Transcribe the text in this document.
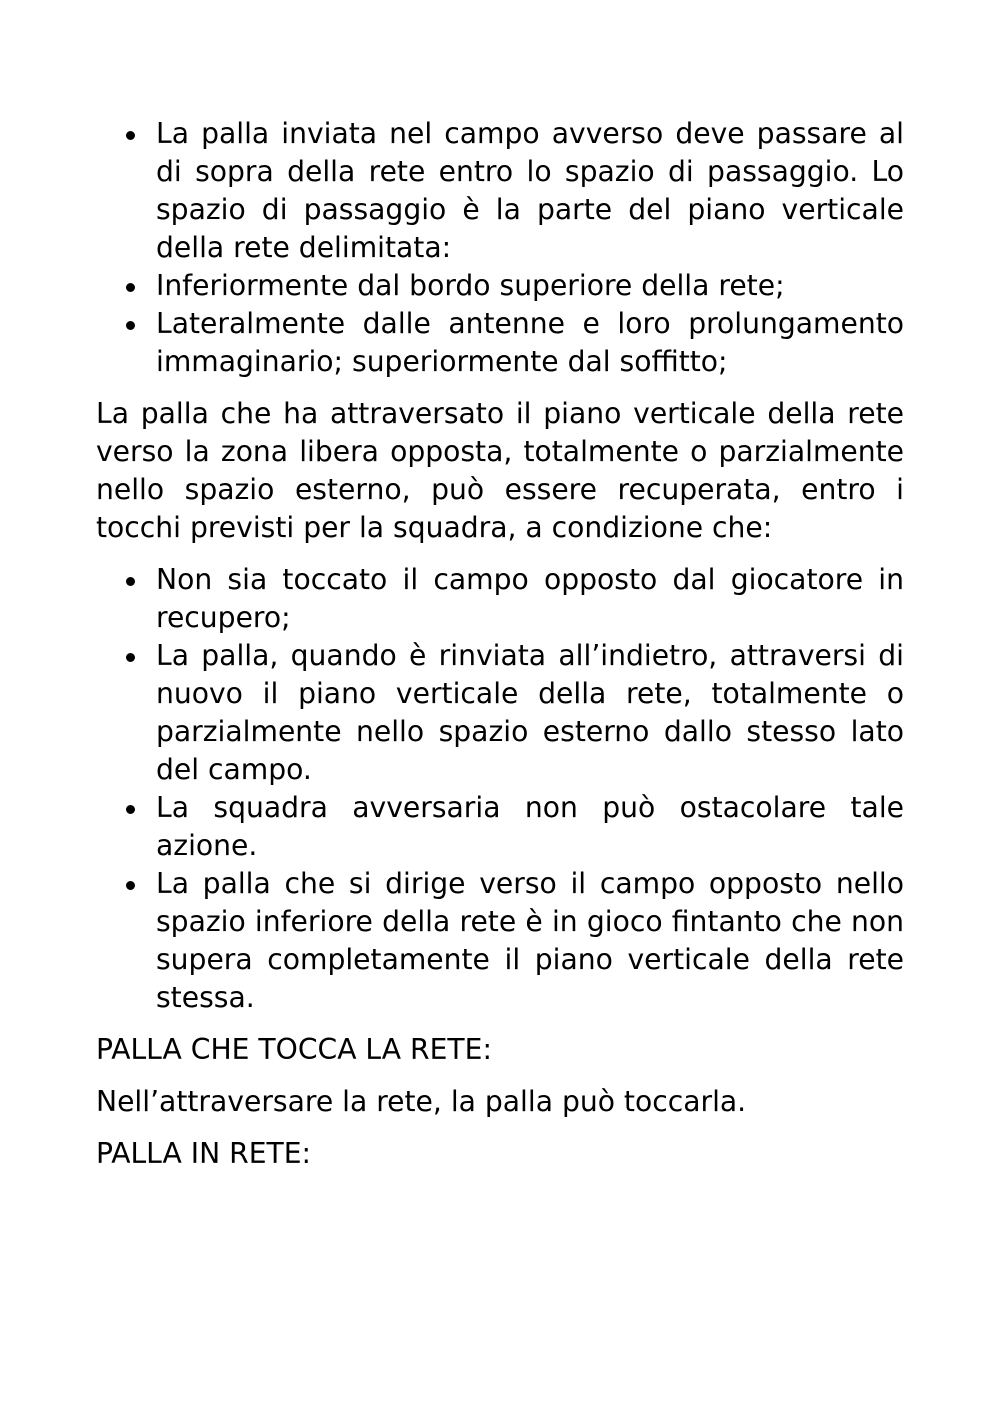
La palla inviata nel campo avverso deve passare al di sopra della rete entro lo spazio di passaggio. Lo spazio di passaggio è la parte del piano verticale della rete delimitata:
Inferiormente dal bordo superiore della rete;
Lateralmente dalle antenne e loro prolungamento immaginario; superiormente dal soffitto;

La palla che ha attraversato il piano verticale della rete verso la zona libera opposta, totalmente o parzialmente nello spazio esterno, può essere recuperata, entro i tocchi previsti per la squadra, a condizione che:

Non sia toccato il campo opposto dal giocatore in recupero;
La palla, quando è rinviata all’indietro, attraversi di nuovo il piano verticale della rete, totalmente o parzialmente nello spazio esterno dallo stesso lato del campo.
La squadra avversaria non può ostacolare tale azione.
La palla che si dirige verso il campo opposto nello spazio inferiore della rete è in gioco fintanto che non supera completamente il piano verticale della rete stessa.

PALLA CHE TOCCA LA RETE:

Nell’attraversare la rete, la palla può toccarla.

PALLA IN RETE:
